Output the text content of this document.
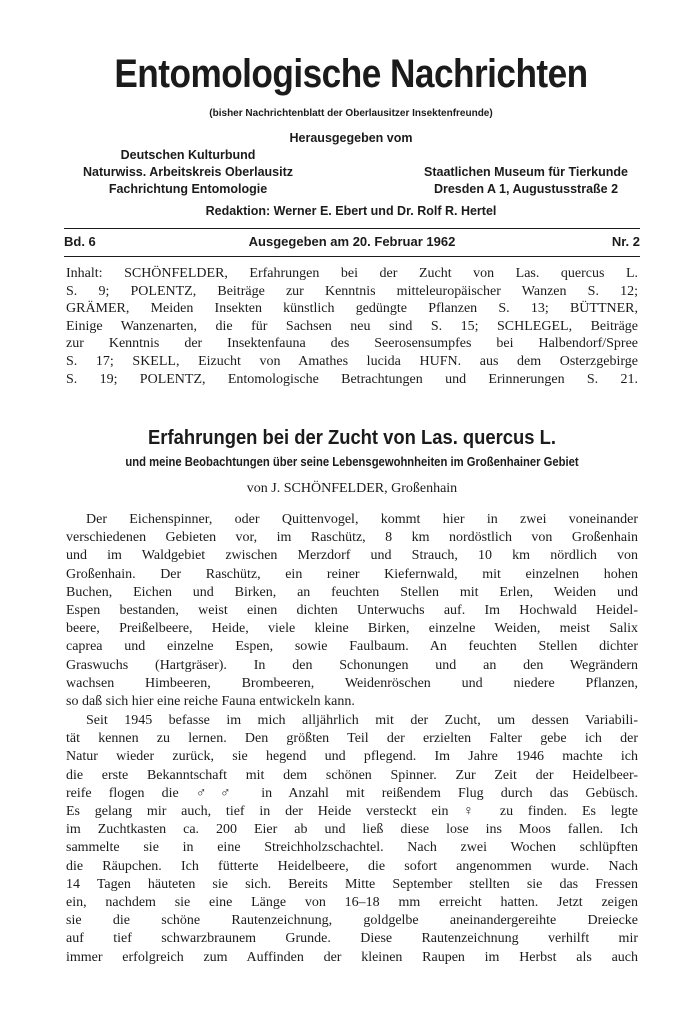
Entomologische Nachrichten
(bisher Nachrichtenblatt der Oberlausitzer Insektenfreunde)
Herausgegeben vom
Deutschen Kulturbund
Naturwiss. Arbeitskreis Oberlausitz
Fachrichtung Entomologie
Staatlichen Museum für Tierkunde
Dresden A 1, Augustusstraße 2
Redaktion: Werner E. Ebert und Dr. Rolf R. Hertel
Bd. 6	Ausgegeben am 20. Februar 1962	Nr. 2
Inhalt: SCHÖNFELDER, Erfahrungen bei der Zucht von Las. quercus L.
S. 9; POLENTZ, Beiträge zur Kenntnis mitteleuropäischer Wanzen S. 12;
GRÄMER, Meiden Insekten künstlich gedüngte Pflanzen S. 13; BÜTTNER,
Einige Wanzenarten, die für Sachsen neu sind S. 15; SCHLEGEL, Beiträge
zur Kenntnis der Insektenfauna des Seerosensumpfes bei Halbendorf/Spree
S. 17; SKELL, Eizucht von Amathes lucida HUFN. aus dem Osterzgebirge
S. 19; POLENTZ, Entomologische Betrachtungen und Erinnerungen S. 21.
Erfahrungen bei der Zucht von Las. quercus L.
und meine Beobachtungen über seine Lebensgewohnheiten im Großenhainer Gebiet
von J. SCHÖNFELDER, Großenhain
Der Eichenspinner, oder Quittenvogel, kommt hier in zwei voneinander
verschiedenen Gebieten vor, im Raschütz, 8 km nordöstlich von Großenhain
und im Waldgebiet zwischen Merzdorf und Strauch, 10 km nördlich von
Großenhain. Der Raschütz, ein reiner Kiefernwald, mit einzelnen hohen
Buchen, Eichen und Birken, an feuchten Stellen mit Erlen, Weiden und
Espen bestanden, weist einen dichten Unterwuchs auf. Im Hochwald Heidel-
beere, Preißelbeere, Heide, viele kleine Birken, einzelne Weiden, meist Salix
caprea und einzelne Espen, sowie Faulbaum. An feuchten Stellen dichter
Graswuchs (Hartgräser). In den Schonungen und an den Wegrändern
wachsen Himbeeren, Brombeeren, Weidenröschen und niedere Pflanzen,
so daß sich hier eine reiche Fauna entwickeln kann.
Seit 1945 befasse im mich alljährlich mit der Zucht, um dessen Variabili-
tät kennen zu lernen. Den größten Teil der erzielten Falter gebe ich der
Natur wieder zurück, sie hegend und pflegend. Im Jahre 1946 machte ich
die erste Bekanntschaft mit dem schönen Spinner. Zur Zeit der Heidelbeer-
reife flogen die ♂♂ in Anzahl mit reißendem Flug durch das Gebüsch.
Es gelang mir auch, tief in der Heide versteckt ein ♀ zu finden. Es legte
im Zuchtkasten ca. 200 Eier ab und ließ diese lose ins Moos fallen. Ich
sammelte sie in eine Streichholzschachtel. Nach zwei Wochen schlüpften
die Räupchen. Ich fütterte Heidelbeere, die sofort angenommen wurde. Nach
14 Tagen häuteten sie sich. Bereits Mitte September stellten sie das Fressen
ein, nachdem sie eine Länge von 16–18 mm erreicht hatten. Jetzt zeigen
sie die schöne Rautenzeichnung, goldgelbe aneinandergereihte Dreiecke
auf tief schwarzbraunem Grunde. Diese Rautenzeichnung verhilft mir
immer erfolgreich zum Auffinden der kleinen Raupen im Herbst als auch
